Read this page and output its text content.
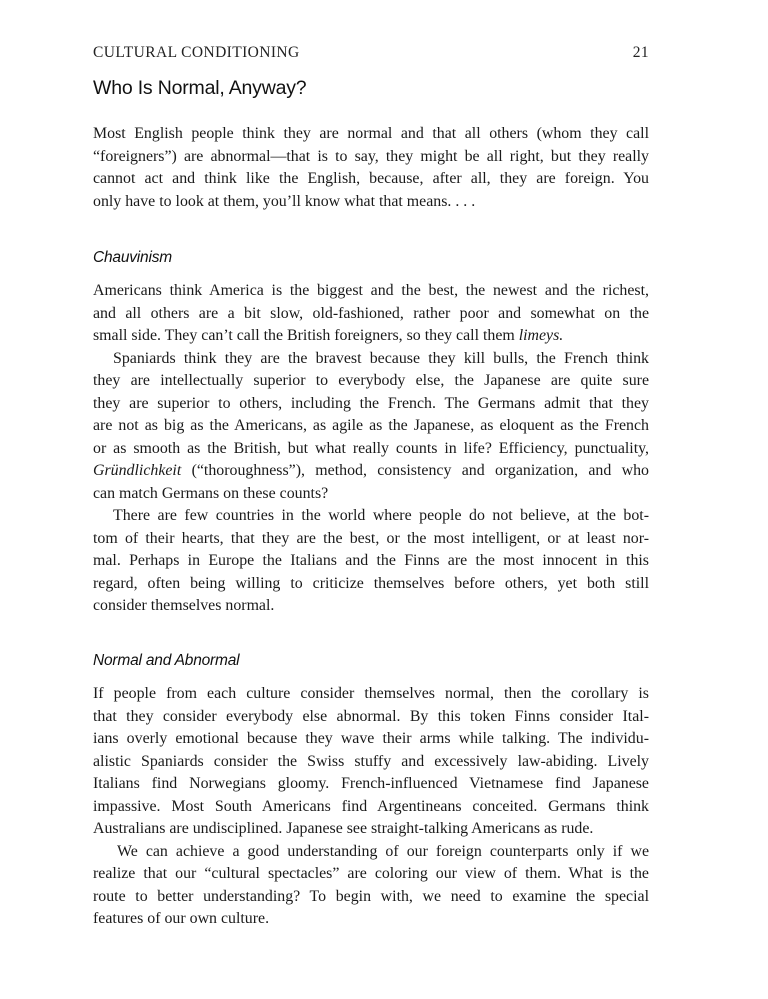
CULTURAL CONDITIONING	21
Who Is Normal, Anyway?
Most English people think they are normal and that all others (whom they call
“foreigners”) are abnormal—that is to say, they might be all right, but they really
cannot act and think like the English, because, after all, they are foreign. You
only have to look at them, you’ll know what that means. . . .
Chauvinism
Americans think America is the biggest and the best, the newest and the richest,
and all others are a bit slow, old-fashioned, rather poor and somewhat on the
small side. They can’t call the British foreigners, so they call them limeys.
Spaniards think they are the bravest because they kill bulls, the French think
they are intellectually superior to everybody else, the Japanese are quite sure
they are superior to others, including the French. The Germans admit that they
are not as big as the Americans, as agile as the Japanese, as eloquent as the French
or as smooth as the British, but what really counts in life? Efficiency, punctuality,
Gründlichkeit (“thoroughness”), method, consistency and organization, and who
can match Germans on these counts?
There are few countries in the world where people do not believe, at the bot-
tom of their hearts, that they are the best, or the most intelligent, or at least nor-
mal. Perhaps in Europe the Italians and the Finns are the most innocent in this
regard, often being willing to criticize themselves before others, yet both still
consider themselves normal.
Normal and Abnormal
If people from each culture consider themselves normal, then the corollary is
that they consider everybody else abnormal. By this token Finns consider Ital-
ians overly emotional because they wave their arms while talking. The individu-
alistic Spaniards consider the Swiss stuffy and excessively law-abiding. Lively
Italians find Norwegians gloomy. French-influenced Vietnamese find Japanese
impassive. Most South Americans find Argentineans conceited. Germans think
Australians are undisciplined. Japanese see straight-talking Americans as rude.
We can achieve a good understanding of our foreign counterparts only if we
realize that our “cultural spectacles” are coloring our view of them. What is the
route to better understanding? To begin with, we need to examine the special
features of our own culture.
